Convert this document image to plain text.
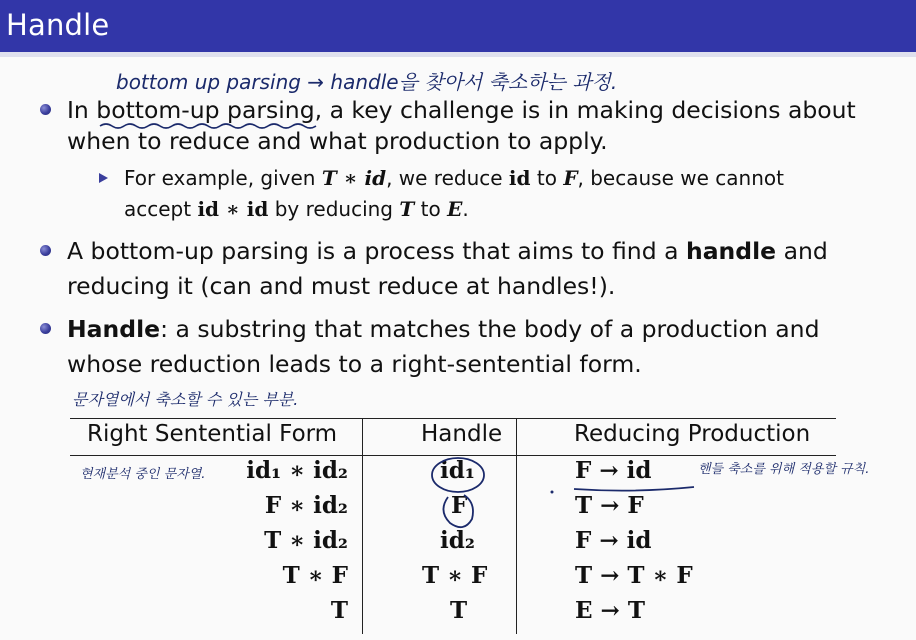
Handle
bottom up parsing → handle을 찾아서 축소하는 과정.
In bottom-up parsing, a key challenge is in making decisions about
when to reduce and what production to apply.
For example, given T ∗ id, we reduce id to F, because we cannot
accept id ∗ id by reducing T to E.
A bottom-up parsing is a process that aims to find a handle and
reducing it (can and must reduce at handles!).
Handle: a substring that matches the body of a production and
whose reduction leads to a right-sentential form.
문자열에서 축소할 수 있는 부분.
Right Sentential Form	Handle	Reducing Production
id₁ ∗ id₂	id₁	F → id
F ∗ id₂	F	T → F
T ∗ id₂	id₂	F → id
T ∗ F	T ∗ F	T → T ∗ F
T	T	E → T
현재분석 중인 문자열.	핸들 축소를 위해 적용할 규칙.
